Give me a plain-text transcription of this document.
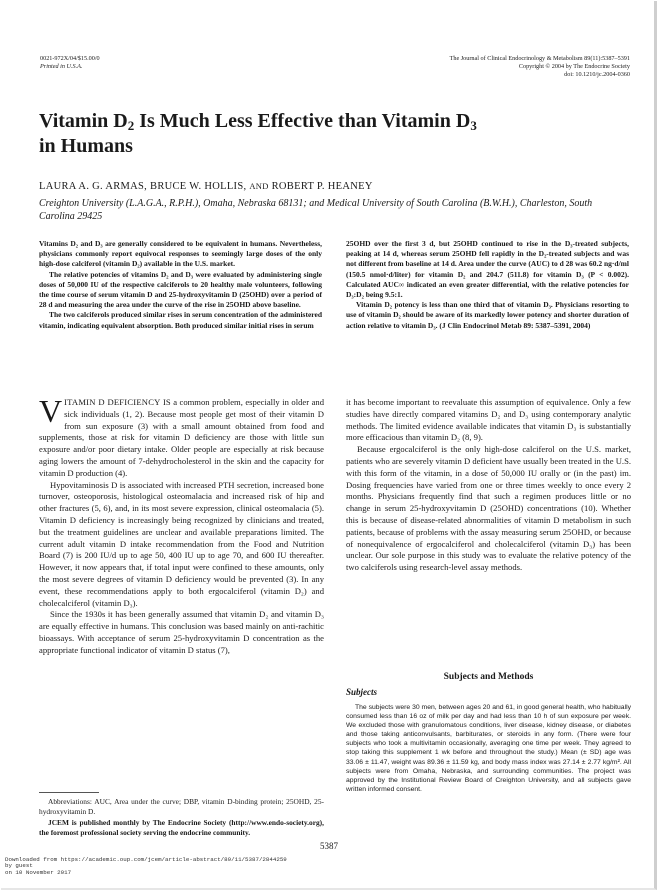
0021-972X/04/$15.00/0
Printed in U.S.A.
The Journal of Clinical Endocrinology & Metabolism 89(11):5387–5391
Copyright © 2004 by The Endocrine Society
doi: 10.1210/jc.2004-0360
Vitamin $D_2$ Is Much Less Effective than Vitamin $D_3$
in Humans
LAURA A. G. ARMAS, BRUCE W. HOLLIS, AND ROBERT P. HEANEY
Creighton University (L.A.G.A., R.P.H.), Omaha, Nebraska 68131; and Medical University of South Carolina (B.W.H.), Charleston, South Carolina 29425

Vitamins D₂ and D₃ are generally considered to be equivalent in humans. Nevertheless, physicians commonly report equivocal responses to seemingly large doses of the only high-dose calciferol (vitamin D₂) available in the U.S. market.

The relative potencies of vitamins D₂ and D₃ were evaluated by administering single doses of 50,000 IU of the respective calciferols to 20 healthy male volunteers, following the time course of serum vitamin D and 25-hydroxyvitamin D (25OHD) over a period of 28 d and measuring the area under the curve of the rise in 25OHD above baseline.

The two calciferols produced similar rises in serum concentration of the administered vitamin, indicating equivalent absorption. Both produced similar initial rises in serum

25OHD over the first 3 d, but 25OHD continued to rise in the D₃-treated subjects, peaking at 14 d, whereas serum 25OHD fell rapidly in the D₂-treated subjects and was not different from baseline at 14 d. Area under the curve (AUC) to d 28 was 60.2 ng·d/ml (150.5 nmol·d/liter) for vitamin D₂ and 204.7 (511.8) for vitamin D₃ (P < 0.002). Calculated AUC∞ indicated an even greater differential, with the relative potencies for D₃:D₂ being 9.5:1.

Vitamin D₂ potency is less than one third that of vitamin D₃. Physicians resorting to use of vitamin D₂ should be aware of its markedly lower potency and shorter duration of action relative to vitamin D₃. (J Clin Endocrinol Metab 89: 5387–5391, 2004)

VITAMIN D DEFICIENCY IS a common problem, especially in older and sick individuals (1, 2). Because most people get most of their vitamin D from sun exposure (3) with a small amount obtained from food and supplements, those at risk for vitamin D deficiency are those with little sun exposure and/or poor dietary intake. Older people are especially at risk because aging lowers the amount of 7-dehydrocholesterol in the skin and the capacity for vitamin D production (4).

Hypovitaminosis D is associated with increased PTH secretion, increased bone turnover, osteoporosis, histological osteomalacia and increased risk of hip and other fractures (5, 6), and, in its most severe expression, clinical osteomalacia (5). Vitamin D deficiency is increasingly being recognized by clinicians and treated, but the treatment guidelines are unclear and available preparations limited. The current adult vitamin D intake recommendation from the Food and Nutrition Board (7) is 200 IU/d up to age 50, 400 IU up to age 70, and 600 IU thereafter. However, it now appears that, if total input were confined to these amounts, only the most severe degrees of vitamin D deficiency would be prevented (3). In any event, these recommendations apply to both ergocalciferol (vitamin D₂) and cholecalciferol (vitamin D₃).

Since the 1930s it has been generally assumed that vitamin D₂ and vitamin D₃ are equally effective in humans. This conclusion was based mainly on anti-rachitic bioassays. With acceptance of serum 25-hydroxyvitamin D concentration as the appropriate functional indicator of vitamin D status (7),

it has become important to reevaluate this assumption of equivalence. Only a few studies have directly compared vitamins D₂ and D₃ using contemporary analytic methods. The limited evidence available indicates that vitamin D₃ is substantially more efficacious than vitamin D₂ (8, 9).

Because ergocalciferol is the only high-dose calciferol on the U.S. market, patients who are severely vitamin D deficient have usually been treated in the U.S. with this form of the vitamin, in a dose of 50,000 IU orally or (in the past) im. Dosing frequencies have varied from one or three times weekly to once every 2 months. Physicians frequently find that such a regimen produces little or no change in serum 25-hydroxyvitamin D (25OHD) concentrations (10). Whether this is because of disease-related abnormalities of vitamin D metabolism in such patients, because of problems with the assay measuring serum 25OHD, or because of nonequivalence of ergocalciferol and cholecalciferol (vitamin D₃) has been unclear. Our sole purpose in this study was to evaluate the relative potency of the two calciferols using research-level assay methods.

Subjects and Methods
Subjects

The subjects were 30 men, between ages 20 and 61, in good general health, who habitually consumed less than 16 oz of milk per day and had less than 10 h of sun exposure per week. We excluded those with granulomatous conditions, liver disease, kidney disease, or diabetes and those taking anticonvulsants, barbiturates, or steroids in any form. (There were four subjects who took a multivitamin occasionally, averaging one time per week. They agreed to stop taking this supplement 1 wk before and throughout the study.) Mean (± SD) age was 33.06 ± 11.47, weight was 89.36 ± 11.59 kg, and body mass index was 27.14 ± 2.77 kg/m². All subjects were from Omaha, Nebraska, and surrounding communities. The project was approved by the Institutional Review Board of Creighton University, and all subjects gave written informed consent.

Abbreviations: AUC, Area under the curve; DBP, vitamin D-binding protein; 25OHD, 25-hydroxyvitamin D.

JCEM is published monthly by The Endocrine Society (http://www.endo-society.org), the foremost professional society serving the endocrine community.

5387
Downloaded from https://academic.oup.com/jcem/article-abstract/89/11/5387/2844259
by guest
on 10 November 2017
